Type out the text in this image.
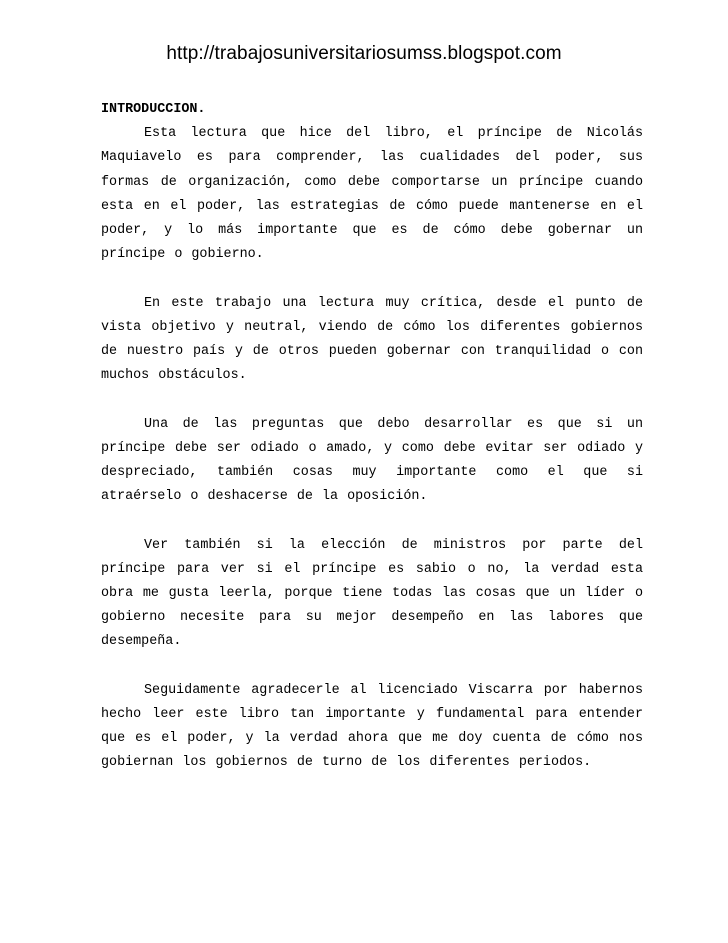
http://trabajosuniversitariosumss.blogspot.com

INTRODUCCION.

Esta lectura que hice del libro, el príncipe de Nicolás Maquiavelo es para comprender, las cualidades del poder, sus formas de organización, como debe comportarse un príncipe cuando esta en el poder, las estrategias de cómo puede mantenerse en el poder, y lo más importante que es de cómo debe gobernar un príncipe o gobierno.

En este trabajo una lectura muy crítica, desde el punto de vista objetivo y neutral, viendo de cómo los diferentes gobiernos de nuestro país y de otros pueden gobernar con tranquilidad o con muchos obstáculos.

Una de las preguntas que debo desarrollar es que si un príncipe debe ser odiado o amado, y como debe evitar ser odiado y despreciado, también cosas muy importante como el que si atraérselo o deshacerse de la oposición.

Ver también si la elección de ministros por parte del príncipe para ver si el príncipe es sabio o no, la verdad esta obra me gusta leerla, porque tiene todas las cosas que un líder o gobierno necesite para su mejor desempeño en las labores que desempeña.

Seguidamente agradecerle al licenciado Viscarra por habernos hecho leer este libro tan importante y fundamental para entender que es el poder, y la verdad ahora que me doy cuenta de cómo nos gobiernan los gobiernos de turno de los diferentes periodos.
